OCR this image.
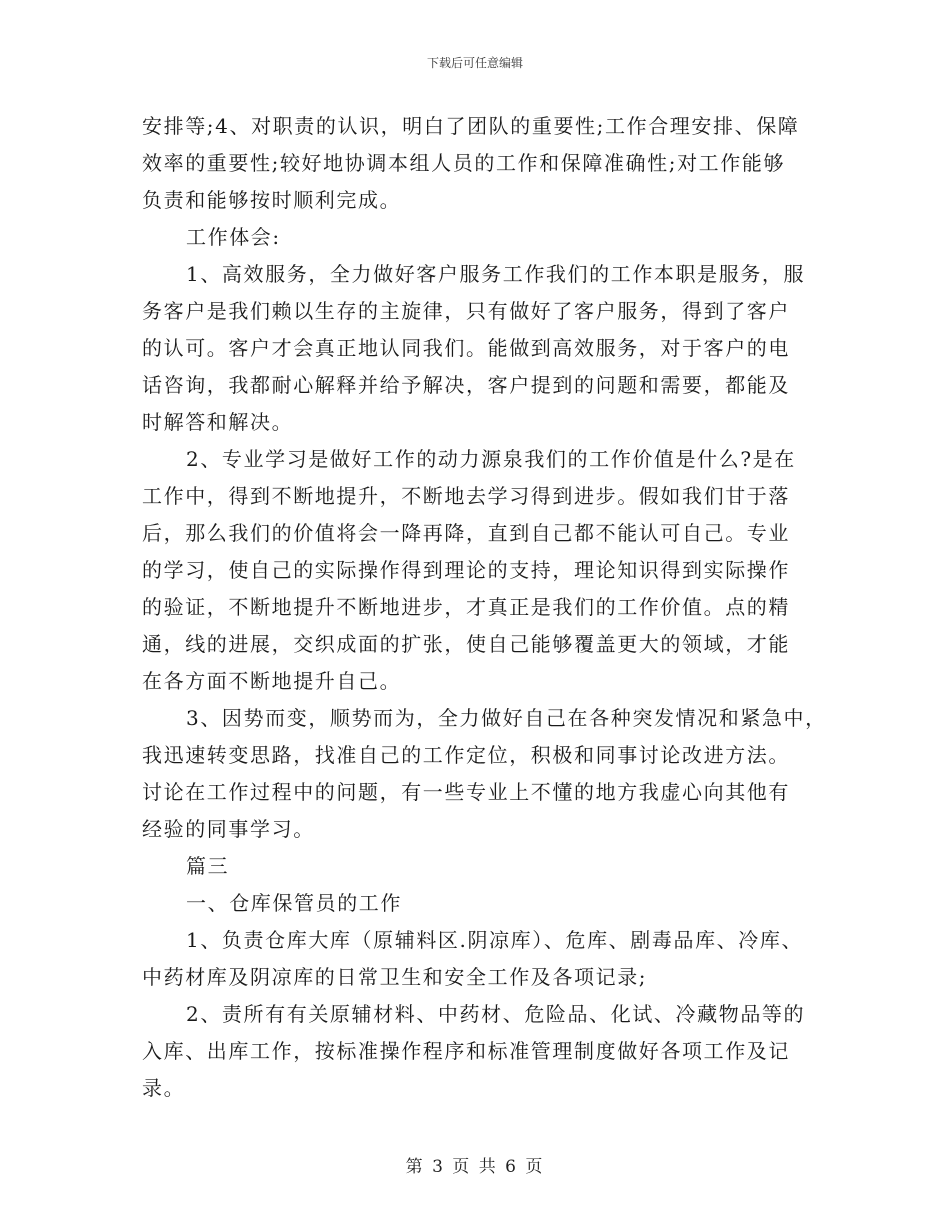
下载后可任意编辑
安排等;4、对职责的认识，明白了团队的重要性;工作合理安排、保障
效率的重要性;较好地协调本组人员的工作和保障准确性;对工作能够
负责和能够按时顺利完成。
工作体会:
1、高效服务，全力做好客户服务工作我们的工作本职是服务，服
务客户是我们赖以生存的主旋律，只有做好了客户服务，得到了客户
的认可。客户才会真正地认同我们。能做到高效服务，对于客户的电
话咨询，我都耐心解释并给予解决，客户提到的问题和需要，都能及
时解答和解决。
2、专业学习是做好工作的动力源泉我们的工作价值是什么?是在
工作中，得到不断地提升，不断地去学习得到进步。假如我们甘于落
后，那么我们的价值将会一降再降，直到自己都不能认可自己。专业
的学习，使自己的实际操作得到理论的支持，理论知识得到实际操作
的验证，不断地提升不断地进步，才真正是我们的工作价值。点的精
通，线的进展，交织成面的扩张，使自己能够覆盖更大的领域，才能
在各方面不断地提升自己。
3、因势而变，顺势而为，全力做好自己在各种突发情况和紧急中，
我迅速转变思路，找准自己的工作定位，积极和同事讨论改进方法。
讨论在工作过程中的问题，有一些专业上不懂的地方我虚心向其他有
经验的同事学习。
篇三
一、仓库保管员的工作
1、负责仓库大库（原辅料区.阴凉库）、危库、剧毒品库、冷库、
中药材库及阴凉库的日常卫生和安全工作及各项记录;
2、责所有有关原辅材料、中药材、危险品、化试、冷藏物品等的
入库、出库工作，按标准操作程序和标准管理制度做好各项工作及记
录。
第 3 页 共 6 页
